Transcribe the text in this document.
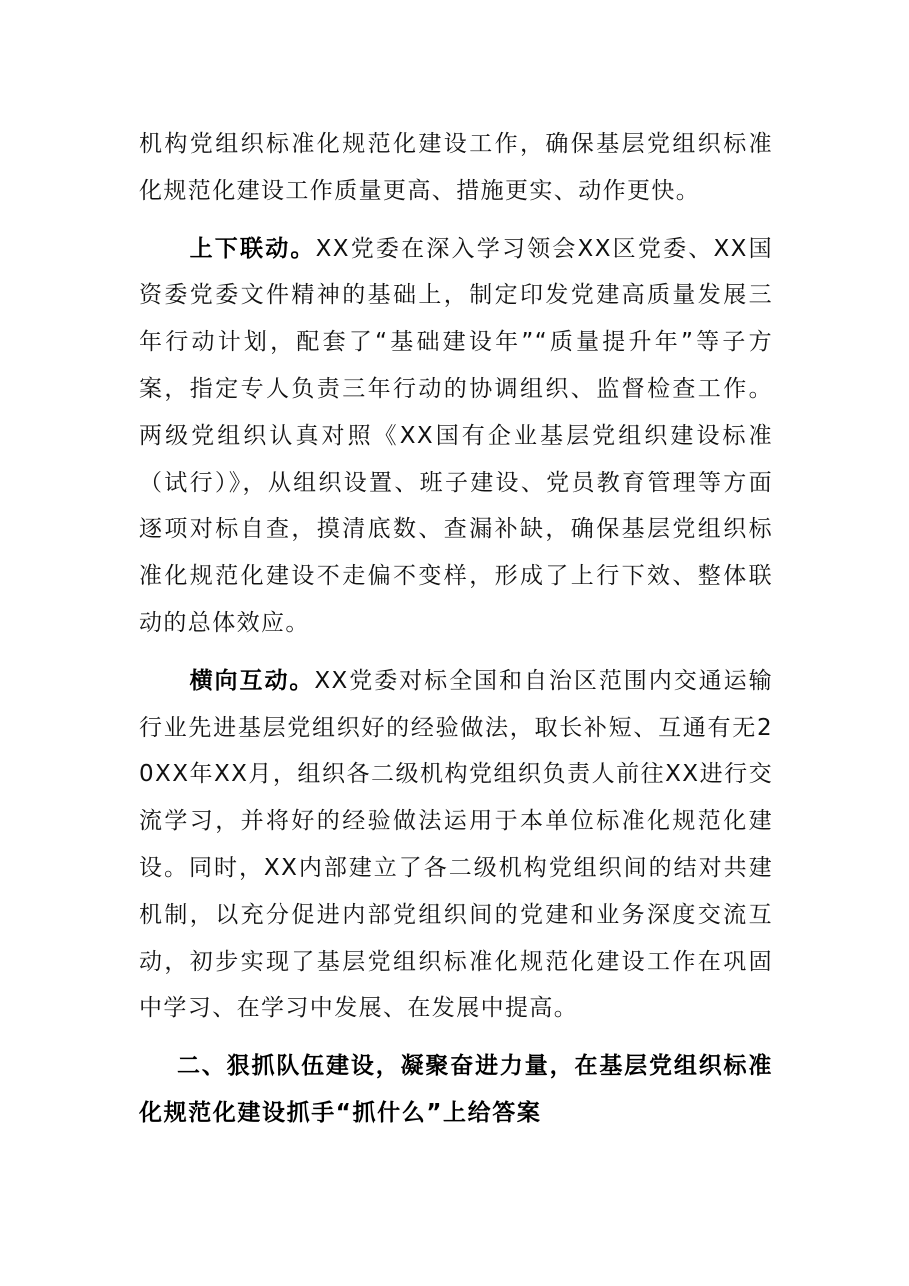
机构党组织标准化规范化建设工作，确保基层党组织标准化规范化建设工作质量更高、措施更实、动作更快。

上下联动。XX党委在深入学习领会XX区党委、XX国资委党委文件精神的基础上，制定印发党建高质量发展三年行动计划，配套了“基础建设年”“质量提升年”等子方案，指定专人负责三年行动的协调组织、监督检查工作。两级党组织认真对照《XX国有企业基层党组织建设标准（试行）》，从组织设置、班子建设、党员教育管理等方面逐项对标自查，摸清底数、查漏补缺，确保基层党组织标准化规范化建设不走偏不变样，形成了上行下效、整体联动的总体效应。

横向互动。XX党委对标全国和自治区范围内交通运输行业先进基层党组织好的经验做法，取长补短、互通有无20XX年XX月，组织各二级机构党组织负责人前往XX进行交流学习，并将好的经验做法运用于本单位标准化规范化建设。同时，XX内部建立了各二级机构党组织间的结对共建机制，以充分促进内部党组织间的党建和业务深度交流互动，初步实现了基层党组织标准化规范化建设工作在巩固中学习、在学习中发展、在发展中提高。

二、狠抓队伍建设，凝聚奋进力量，在基层党组织标准化规范化建设抓手“抓什么”上给答案
